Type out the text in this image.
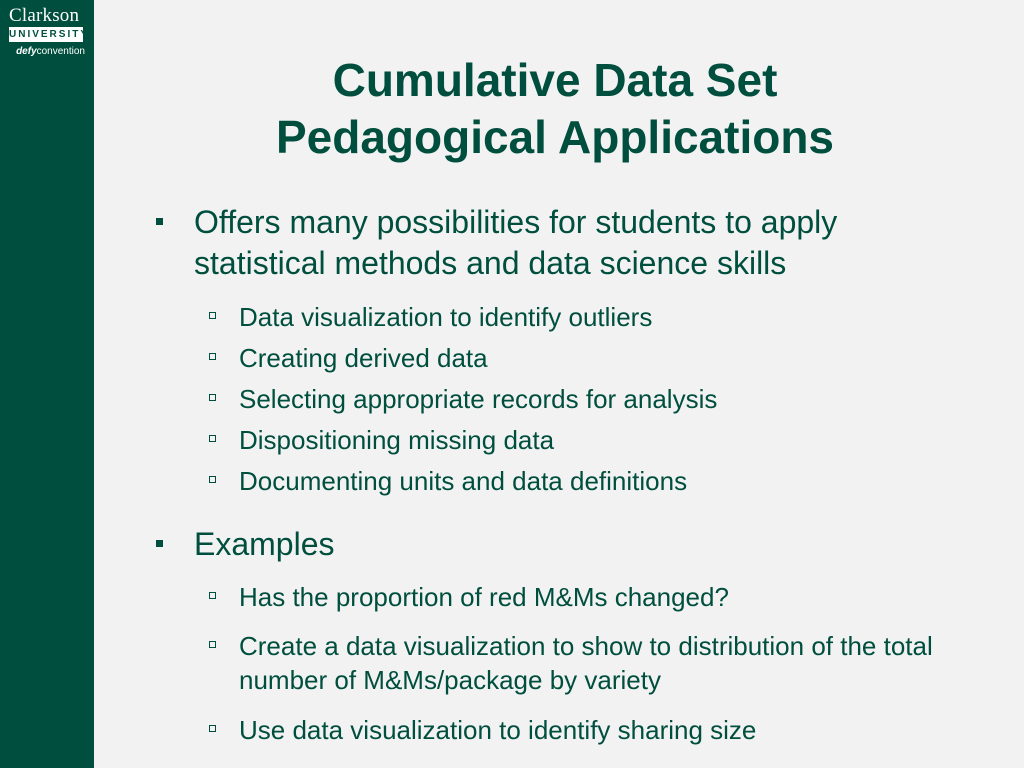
Clarkson
UNIVERSITY
defyconvention
Cumulative Data Set
Pedagogical Applications
Offers many possibilities for students to apply statistical methods and data science skills
Data visualization to identify outliers
Creating derived data
Selecting appropriate records for analysis
Dispositioning missing data
Documenting units and data definitions
Examples
Has the proportion of red M&Ms changed?
Create a data visualization to show to distribution of the total number of M&Ms/package by variety
Use data visualization to identify sharing size
